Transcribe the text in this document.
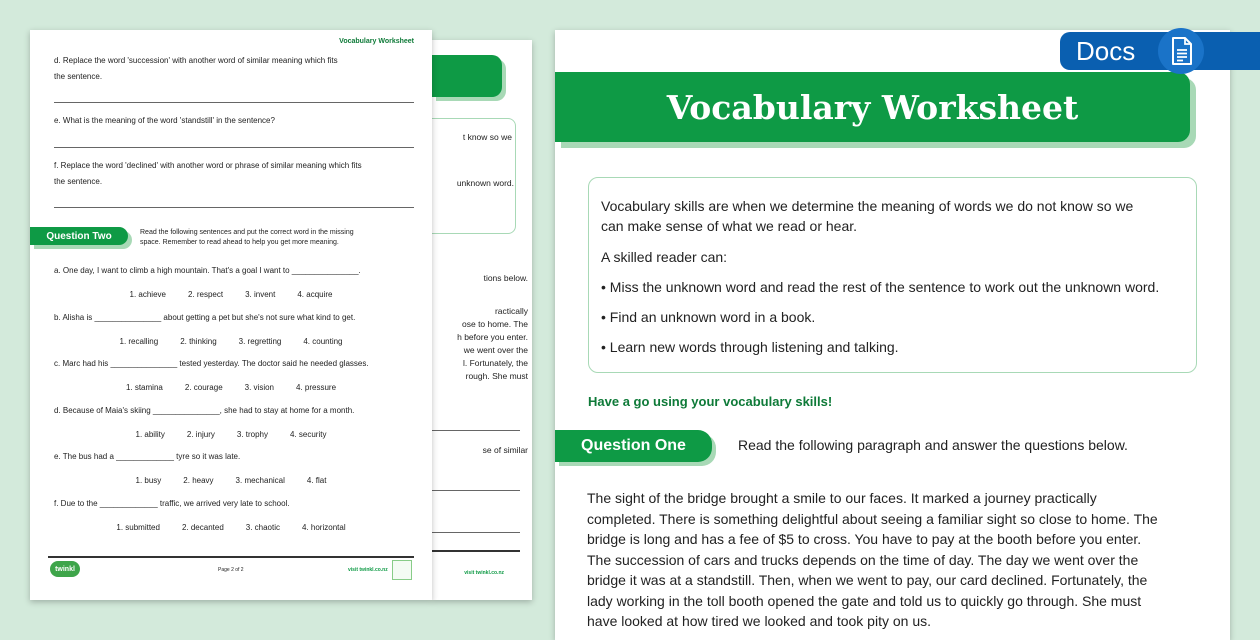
t know so we
unknown word.
tions below.
ractically
ose to home. The
h before you enter.
we went over the
l. Fortunately, the
rough. She must
se of similar
visit twinkl.co.nz
Vocabulary Worksheet
d. Replace the word 'succession' with another word of similar meaning which fits
the sentence.
e. What is the meaning of the word 'standstill' in the sentence?
f. Replace the word 'declined' with another word or phrase of similar meaning which fits
the sentence.
Question Two	Read the following sentences and put the correct word in the missing
space. Remember to read ahead to help you get more meaning.
a. One day, I want to climb a high mountain. That's a goal I want to _______________.
1. achieve	2. respect	3. invent	4. acquire
b. Alisha is _______________ about getting a pet but she's not sure what kind to get.
1. recalling	2. thinking	3. regretting	4. counting
c. Marc had his _______________ tested yesterday. The doctor said he needed glasses.
1. stamina	2. courage	3. vision	4. pressure
d. Because of Maia's skiing _______________, she had to stay at home for a month.
1. ability	2. injury	3. trophy	4. security
e. The bus had a _____________ tyre so it was late.
1. busy	2. heavy	3. mechanical	4. flat
f. Due to the _____________ traffic, we arrived very late to school.
1. submitted	2. decanted	3. chaotic	4. horizontal
twinkl	Page 2 of 2	visit twinkl.co.nz
Vocabulary Worksheet
Vocabulary skills are when we determine the meaning of words we do not know so we
can make sense of what we read or hear.
A skilled reader can:
• Miss the unknown word and read the rest of the sentence to work out the unknown word.
• Find an unknown word in a book.
• Learn new words through listening and talking.
Have a go using your vocabulary skills!
Question One	Read the following paragraph and answer the questions below.
The sight of the bridge brought a smile to our faces. It marked a journey practically
completed. There is something delightful about seeing a familiar sight so close to home. The
bridge is long and has a fee of $5 to cross. You have to pay at the booth before you enter.
The succession of cars and trucks depends on the time of day. The day we went over the
bridge it was at a standstill. Then, when we went to pay, our card declined. Fortunately, the
lady working in the toll booth opened the gate and told us to quickly go through. She must
have looked at how tired we looked and took pity on us.
Docs
